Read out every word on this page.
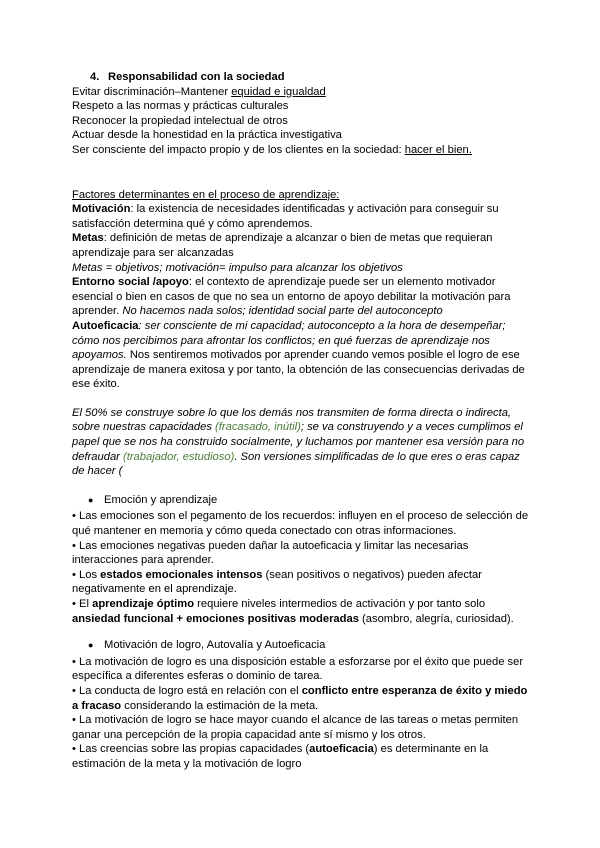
4. Responsabilidad con la sociedad

Evitar discriminación–Mantener equidad e igualdad

Respeto a las normas y prácticas culturales

Reconocer la propiedad intelectual de otros

Actuar desde la honestidad en la práctica investigativa

Ser consciente del impacto propio y de los clientes en la sociedad: hacer el bien.

Factores determinantes en el proceso de aprendizaje:

Motivación: la existencia de necesidades identificadas y activación para conseguir su satisfacción determina qué y cómo aprendemos.

Metas: definición de metas de aprendizaje a alcanzar o bien de metas que requieran aprendizaje para ser alcanzadas

Metas = objetivos; motivación= impulso para alcanzar los objetivos

Entorno social /apoyo: el contexto de aprendizaje puede ser un elemento motivador esencial o bien en casos de que no sea un entorno de apoyo debilitar la motivación para aprender. No hacemos nada solos; identidad social parte del autoconcepto

Autoeficacia: ser consciente de mi capacidad; autoconcepto a la hora de desempeñar; cómo nos percibimos para afrontar los conflictos; en qué fuerzas de aprendizaje nos apoyamos. Nos sentiremos motivados por aprender cuando vemos posible el logro de ese aprendizaje de manera exitosa y por tanto, la obtención de las consecuencias derivadas de ese éxito.

El 50% se construye sobre lo que los demás nos transmiten de forma directa o indirecta, sobre nuestras capacidades (fracasado, inútil); se va construyendo y a veces cumplimos el papel que se nos ha construido socialmente, y luchamos por mantener esa versión para no defraudar (trabajador, estudioso). Son versiones simplificadas de lo que eres o eras capaz de hacer (

● Emoción y aprendizaje

• Las emociones son el pegamento de los recuerdos: influyen en el proceso de selección de qué mantener en memoria y cómo queda conectado con otras informaciones.

• Las emociones negativas pueden dañar la autoeficacia y limitar las necesarias interacciones para aprender.

• Los estados emocionales intensos (sean positivos o negativos) pueden afectar negativamente en el aprendizaje.

• El aprendizaje óptimo requiere niveles intermedios de activación y por tanto solo ansiedad funcional + emociones positivas moderadas (asombro, alegría, curiosidad).

● Motivación de logro, Autovalía y Autoeficacia

• La motivación de logro es una disposición estable a esforzarse por el éxito que puede ser específica a diferentes esferas o dominio de tarea.

• La conducta de logro está en relación con el conflicto entre esperanza de éxito y miedo a fracaso considerando la estimación de la meta.

• La motivación de logro se hace mayor cuando el alcance de las tareas o metas permiten ganar una percepción de la propia capacidad ante sí mismo y los otros.

• Las creencias sobre las propias capacidades (autoeficacia) es determinante en la estimación de la meta y la motivación de logro
